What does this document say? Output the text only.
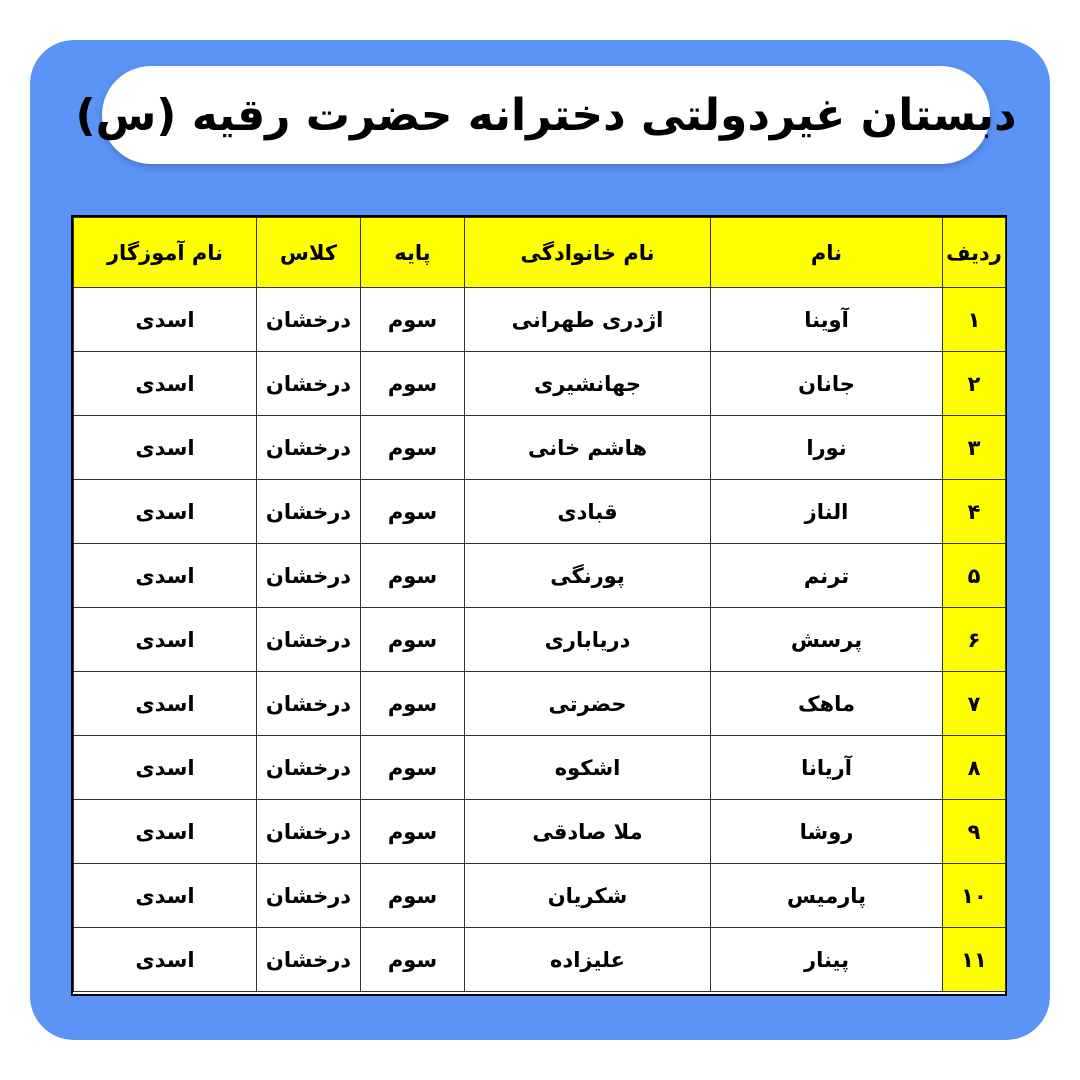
دبستان غیردولتی دخترانه حضرت رقیه (س)
ردیف	نام	نام خانوادگی	پایه	کلاس	نام آموزگار
۱	آوینا	اژدری طهرانی	سوم	درخشان	اسدی
۲	جانان	جهانشیری	سوم	درخشان	اسدی
۳	نورا	هاشم خانی	سوم	درخشان	اسدی
۴	الناز	قبادی	سوم	درخشان	اسدی
۵	ترنم	پورنگی	سوم	درخشان	اسدی
۶	پرسش	دریاباری	سوم	درخشان	اسدی
۷	ماهک	حضرتی	سوم	درخشان	اسدی
۸	آریانا	اشکوه	سوم	درخشان	اسدی
۹	روشا	ملا صادقی	سوم	درخشان	اسدی
۱۰	پارمیس	شکریان	سوم	درخشان	اسدی
۱۱	پینار	علیزاده	سوم	درخشان	اسدی
